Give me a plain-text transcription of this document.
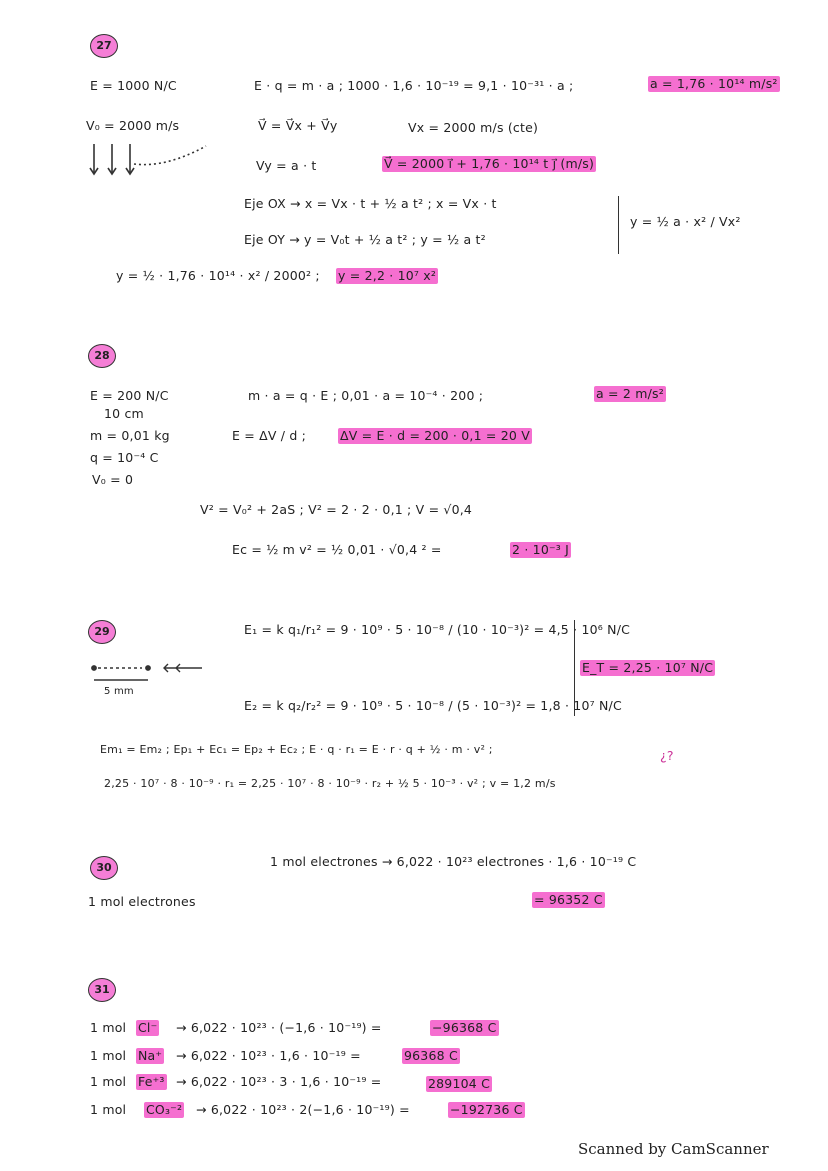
27
E = 1000 N/C
V₀ = 2000 m/s
E · q = m · a ; 1000 · 1,6 · 10⁻¹⁹ = 9,1 · 10⁻³¹ · a ;	a = 1,76 · 10¹⁴ m/s²
V⃗ = V⃗x + V⃗y	Vx = 2000 m/s (cte)
Vy = a · t	V⃗ = 2000 i⃗ + 1,76 · 10¹⁴ t j⃗ (m/s)
Eje OX → x = Vx · t + ½ a t² ; x = Vx · t
Eje OY → y = V₀t + ½ a t² ; y = ½ a t²
y = ½ a · x² / Vx²
y = ½ · 1,76 · 10¹⁴ · x² / 2000² ; y = 2,2 · 10⁷ x²
28
E = 200 N/C
10 cm
m = 0,01 kg
q = 10⁻⁴ C
V₀ = 0
m · a = q · E ; 0,01 · a = 10⁻⁴ · 200 ;	a = 2 m/s²
E = ΔV / d ;	ΔV = E · d = 200 · 0,1 = 20 V
V² = V₀² + 2aS ; V² = 2 · 2 · 0,1 ; V = √0,4
Ec = ½ m v² = ½ 0,01 · √0,4 ² =	2 · 10⁻³ J
29
5 mm
E₁ = k q₁/r₁² = 9 · 10⁹ · 5 · 10⁻⁸ / (10 · 10⁻³)² = 4,5 · 10⁶ N/C
E₂ = k q₂/r₂² = 9 · 10⁹ · 5 · 10⁻⁸ / (5 · 10⁻³)² = 1,8 · 10⁷ N/C
E_T = 2,25 · 10⁷ N/C
Em₁ = Em₂ ; Ep₁ + Ec₁ = Ep₂ + Ec₂ ; E · q · r₁ = E · r · q + ½ · m · v² ;
2,25 · 10⁷ · 8 · 10⁻⁹ · r₁ = 2,25 · 10⁷ · 8 · 10⁻⁹ · r₂ + ½ 5 · 10⁻³ · v² ; v = 1,2 m/s
¿?
30
1 mol electrones
1 mol electrones → 6,022 · 10²³ electrones · 1,6 · 10⁻¹⁹ C
= 96352 C
31
1 mol Cl⁻ → 6,022 · 10²³ · (−1,6 · 10⁻¹⁹) =	−96368 C
1 mol Na⁺ → 6,022 · 10²³ · 1,6 · 10⁻¹⁹ =	96368 C
1 mol Fe⁺³ → 6,022 · 10²³ · 3 · 1,6 · 10⁻¹⁹ =	289104 C
1 mol CO₃⁻² → 6,022 · 10²³ · 2(−1,6 · 10⁻¹⁹) =	−192736 C
Scanned by CamScanner
